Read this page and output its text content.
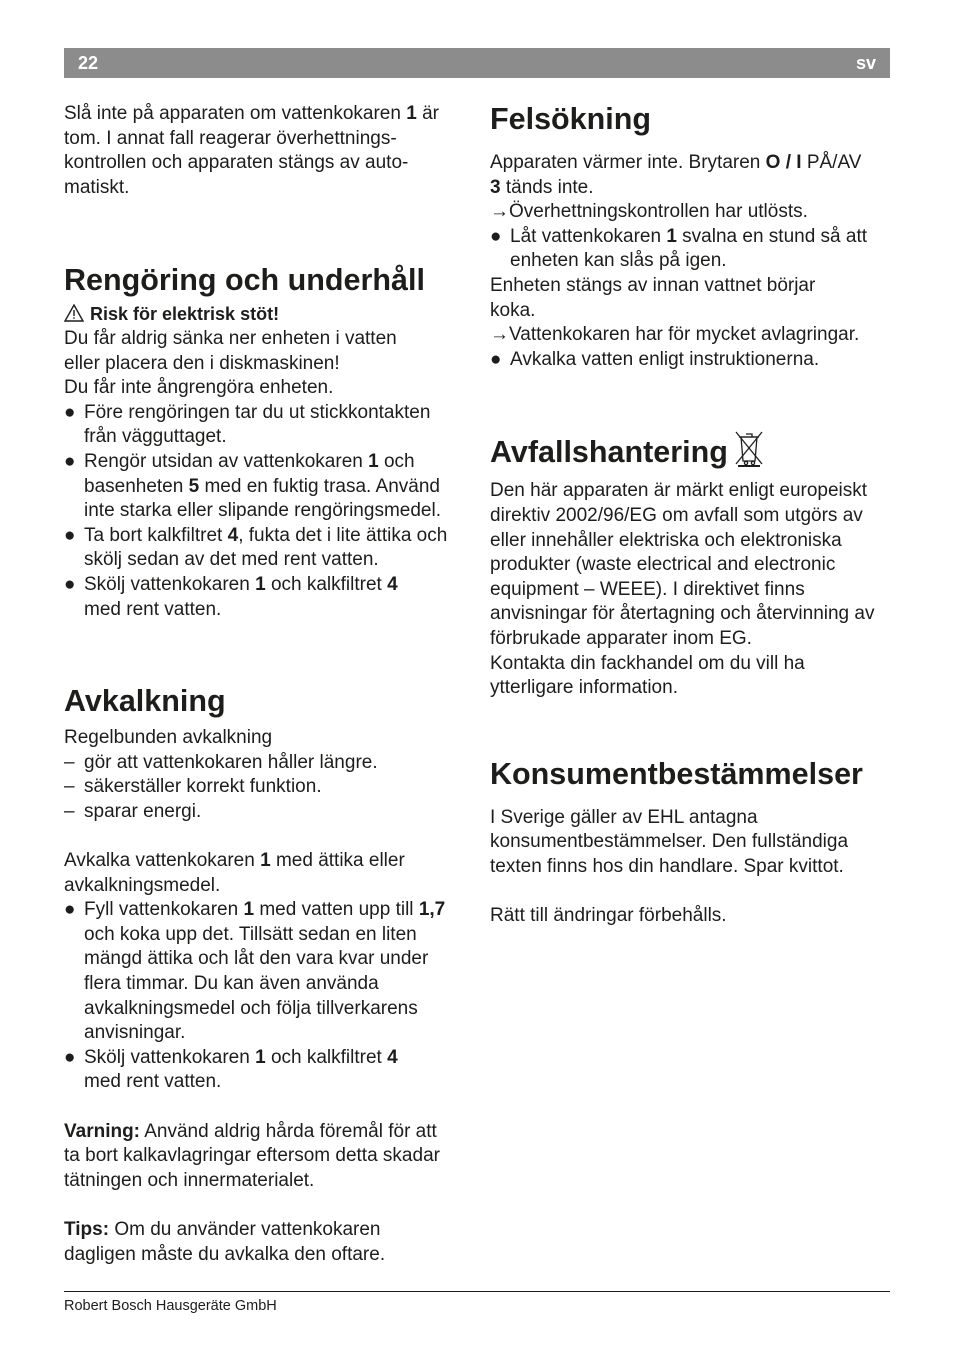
22	sv

Slå inte på apparaten om vattenkokaren 1 är tom. I annat fall reagerar överhettningskontrollen och apparaten stängs av automatiskt.

Rengöring och underhåll

Risk för elektrisk stöt!

Du får aldrig sänka ner enheten i vatten eller placera den i diskmaskinen!

Du får inte ångrengöra enheten.

● Före rengöringen tar du ut stickkontakten från vägguttaget.
● Rengör utsidan av vattenkokaren 1 och basenheten 5 med en fuktig trasa. Använd inte starka eller slipande rengöringsmedel.
● Ta bort kalkfiltret 4, fukta det i lite ättika och skölj sedan av det med rent vatten.
● Skölj vattenkokaren 1 och kalkfiltret 4 med rent vatten.
Avkalkning

Regelbunden avkalkning

– gör att vattenkokaren håller längre.
– säkerställer korrekt funktion.
– sparar energi.

Avkalka vattenkokaren 1 med ättika eller avkalkningsmedel.

● Fyll vattenkokaren 1 med vatten upp till 1,7 och koka upp det. Tillsätt sedan en liten mängd ättika och låt den vara kvar under flera timmar. Du kan även använda avkalkningsmedel och följa tillverkarens anvisningar.
● Skölj vattenkokaren 1 och kalkfiltret 4 med rent vatten.

Varning: Använd aldrig hårda föremål för att ta bort kalkavlagringar eftersom detta skadar tätningen och innermaterialet.

Tips: Om du använder vattenkokaren dagligen måste du avkalka den oftare.

Felsökning

Apparaten värmer inte. Brytaren O / I PÅ/AV 3 tänds inte.

→ Överhettningskontrollen har utlösts.
● Låt vattenkokaren 1 svalna en stund så att enheten kan slås på igen.

Enheten stängs av innan vattnet börjar koka.

→ Vattenkokaren har för mycket avlagringar.
● Avkalka vatten enligt instruktionerna.
Avfallshantering

Den här apparaten är märkt enligt europeiskt direktiv 2002/96/EG om avfall som utgörs av eller innehåller elektriska och elektroniska produkter (waste electrical and electronic equipment – WEEE). I direktivet finns anvisningar för återtagning och återvinning av förbrukade apparater inom EG.

Kontakta din fackhandel om du vill ha ytterligare information.

Konsumentbestämmelser

I Sverige gäller av EHL antagna konsumentbestämmelser. Den fullständiga texten finns hos din handlare. Spar kvittot.

Rätt till ändringar förbehålls.

Robert Bosch Hausgeräte GmbH
